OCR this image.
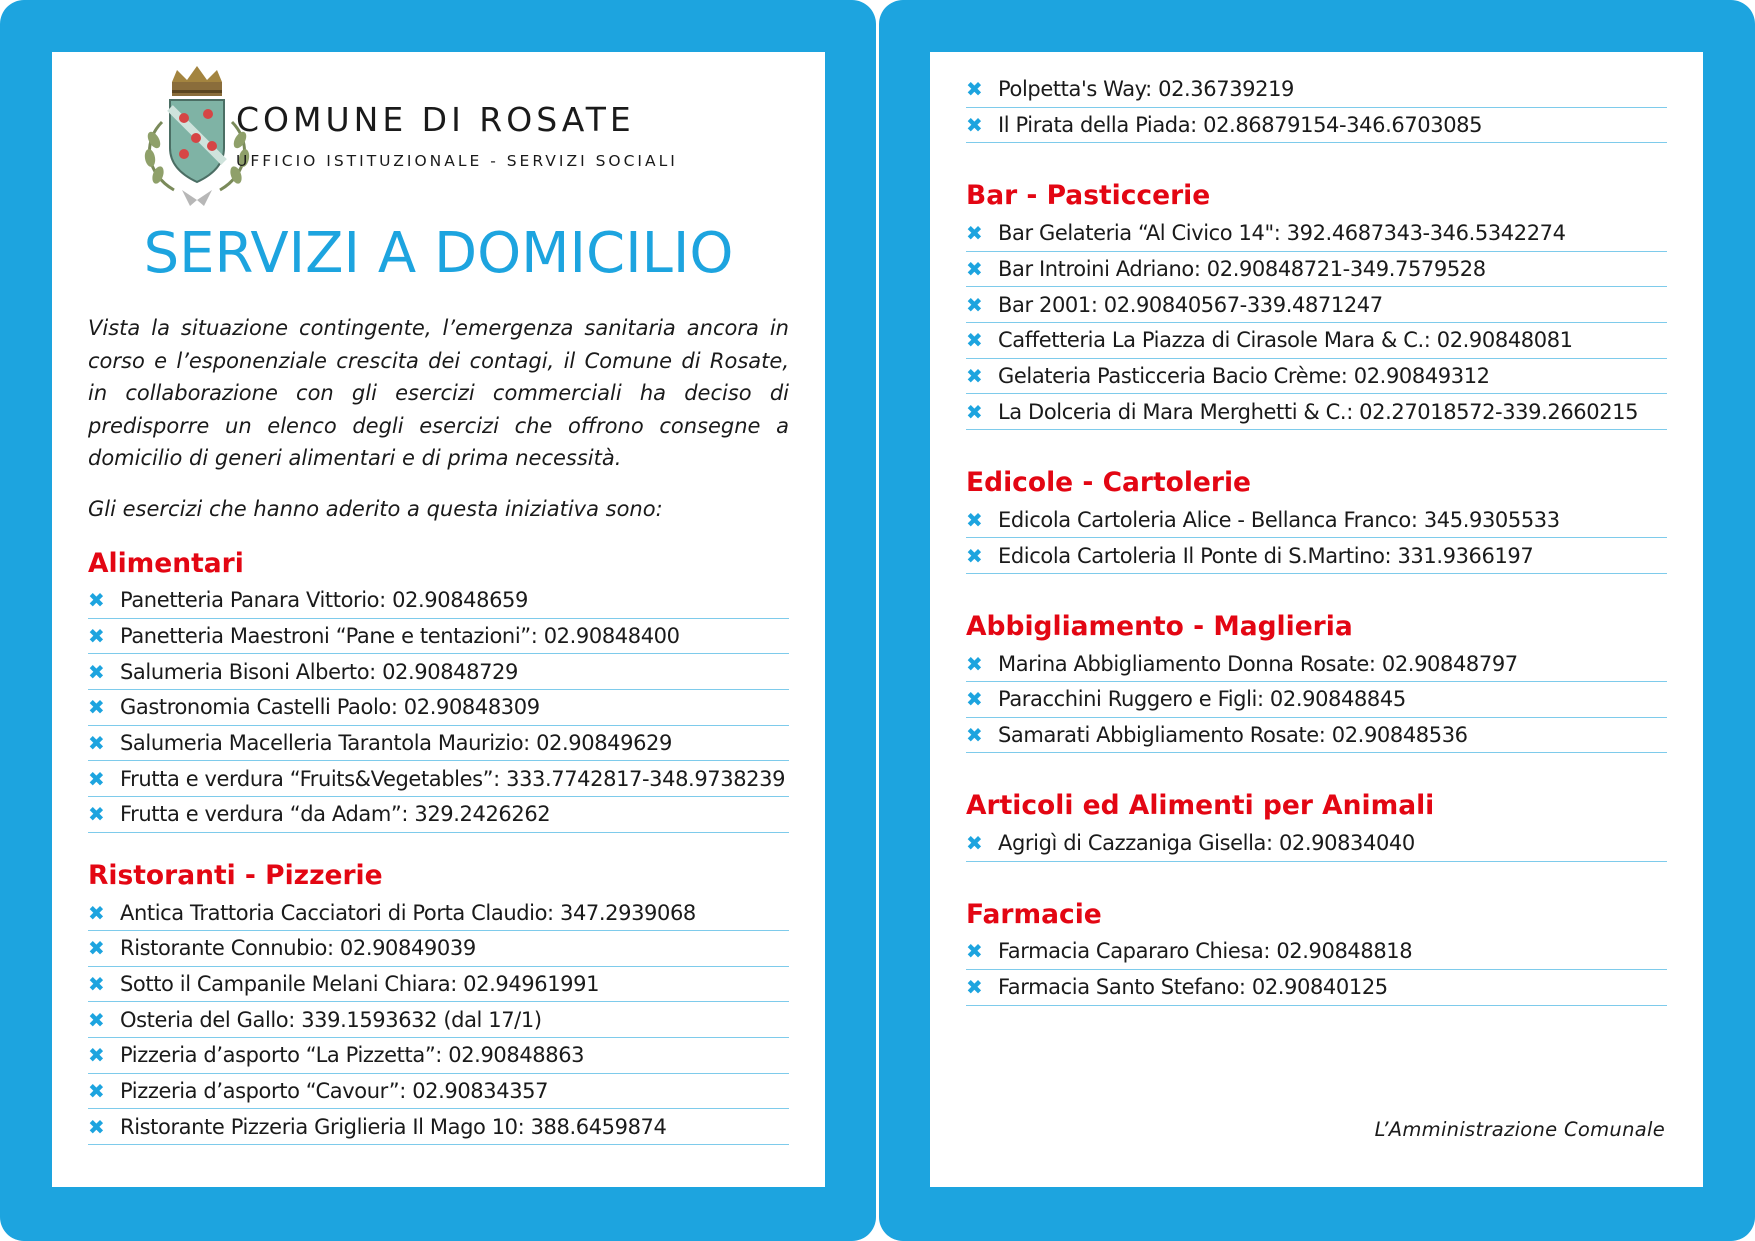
COMUNE DI ROSATE
UFFICIO ISTITUZIONALE - SERVIZI SOCIALI
SERVIZI A DOMICILIO

Vista la situazione contingente, l’emergenza sanitaria ancora in corso e l’esponenziale crescita dei contagi, il Comune di Rosate, in collaborazione con gli esercizi commerciali ha deciso di predisporre un elenco degli esercizi che offrono consegne a domicilio di generi alimentari e di prima necessità.

Gli esercizi che hanno aderito a questa iniziativa sono:

Alimentari
✖ Panetteria Panara Vittorio: 02.90848659
✖ Panetteria Maestroni “Pane e tentazioni”: 02.90848400
✖ Salumeria Bisoni Alberto: 02.90848729
✖ Gastronomia Castelli Paolo: 02.90848309
✖ Salumeria Macelleria Tarantola Maurizio: 02.90849629
✖ Frutta e verdura “Fruits&Vegetables”: 333.7742817-348.9738239
✖ Frutta e verdura “da Adam”: 329.2426262
Ristoranti - Pizzerie
✖ Antica Trattoria Cacciatori di Porta Claudio: 347.2939068
✖ Ristorante Connubio: 02.90849039
✖ Sotto il Campanile Melani Chiara: 02.94961991
✖ Osteria del Gallo: 339.1593632 (dal 17/1)
✖ Pizzeria d’asporto “La Pizzetta”: 02.90848863
✖ Pizzeria d’asporto “Cavour”: 02.90834357
✖ Ristorante Pizzeria Griglieria Il Mago 10: 388.6459874
✖ Polpetta's Way: 02.36739219
✖ Il Pirata della Piada: 02.86879154-346.6703085
Bar - Pasticcerie
✖ Bar Gelateria “Al Civico 14": 392.4687343-346.5342274
✖ Bar Introini Adriano: 02.90848721-349.7579528
✖ Bar 2001: 02.90840567-339.4871247
✖ Caffetteria La Piazza di Cirasole Mara & C.: 02.90848081
✖ Gelateria Pasticceria Bacio Crème: 02.90849312
✖ La Dolceria di Mara Merghetti & C.: 02.27018572-339.2660215
Edicole - Cartolerie
✖ Edicola Cartoleria Alice - Bellanca Franco: 345.9305533
✖ Edicola Cartoleria Il Ponte di S.Martino: 331.9366197
Abbigliamento - Maglieria
✖ Marina Abbigliamento Donna Rosate: 02.90848797
✖ Paracchini Ruggero e Figli: 02.90848845
✖ Samarati Abbigliamento Rosate: 02.90848536
Articoli ed Alimenti per Animali
✖ Agrigì di Cazzaniga Gisella: 02.90834040
Farmacie
✖ Farmacia Capararo Chiesa: 02.90848818
✖ Farmacia Santo Stefano: 02.90840125
L’Amministrazione Comunale
